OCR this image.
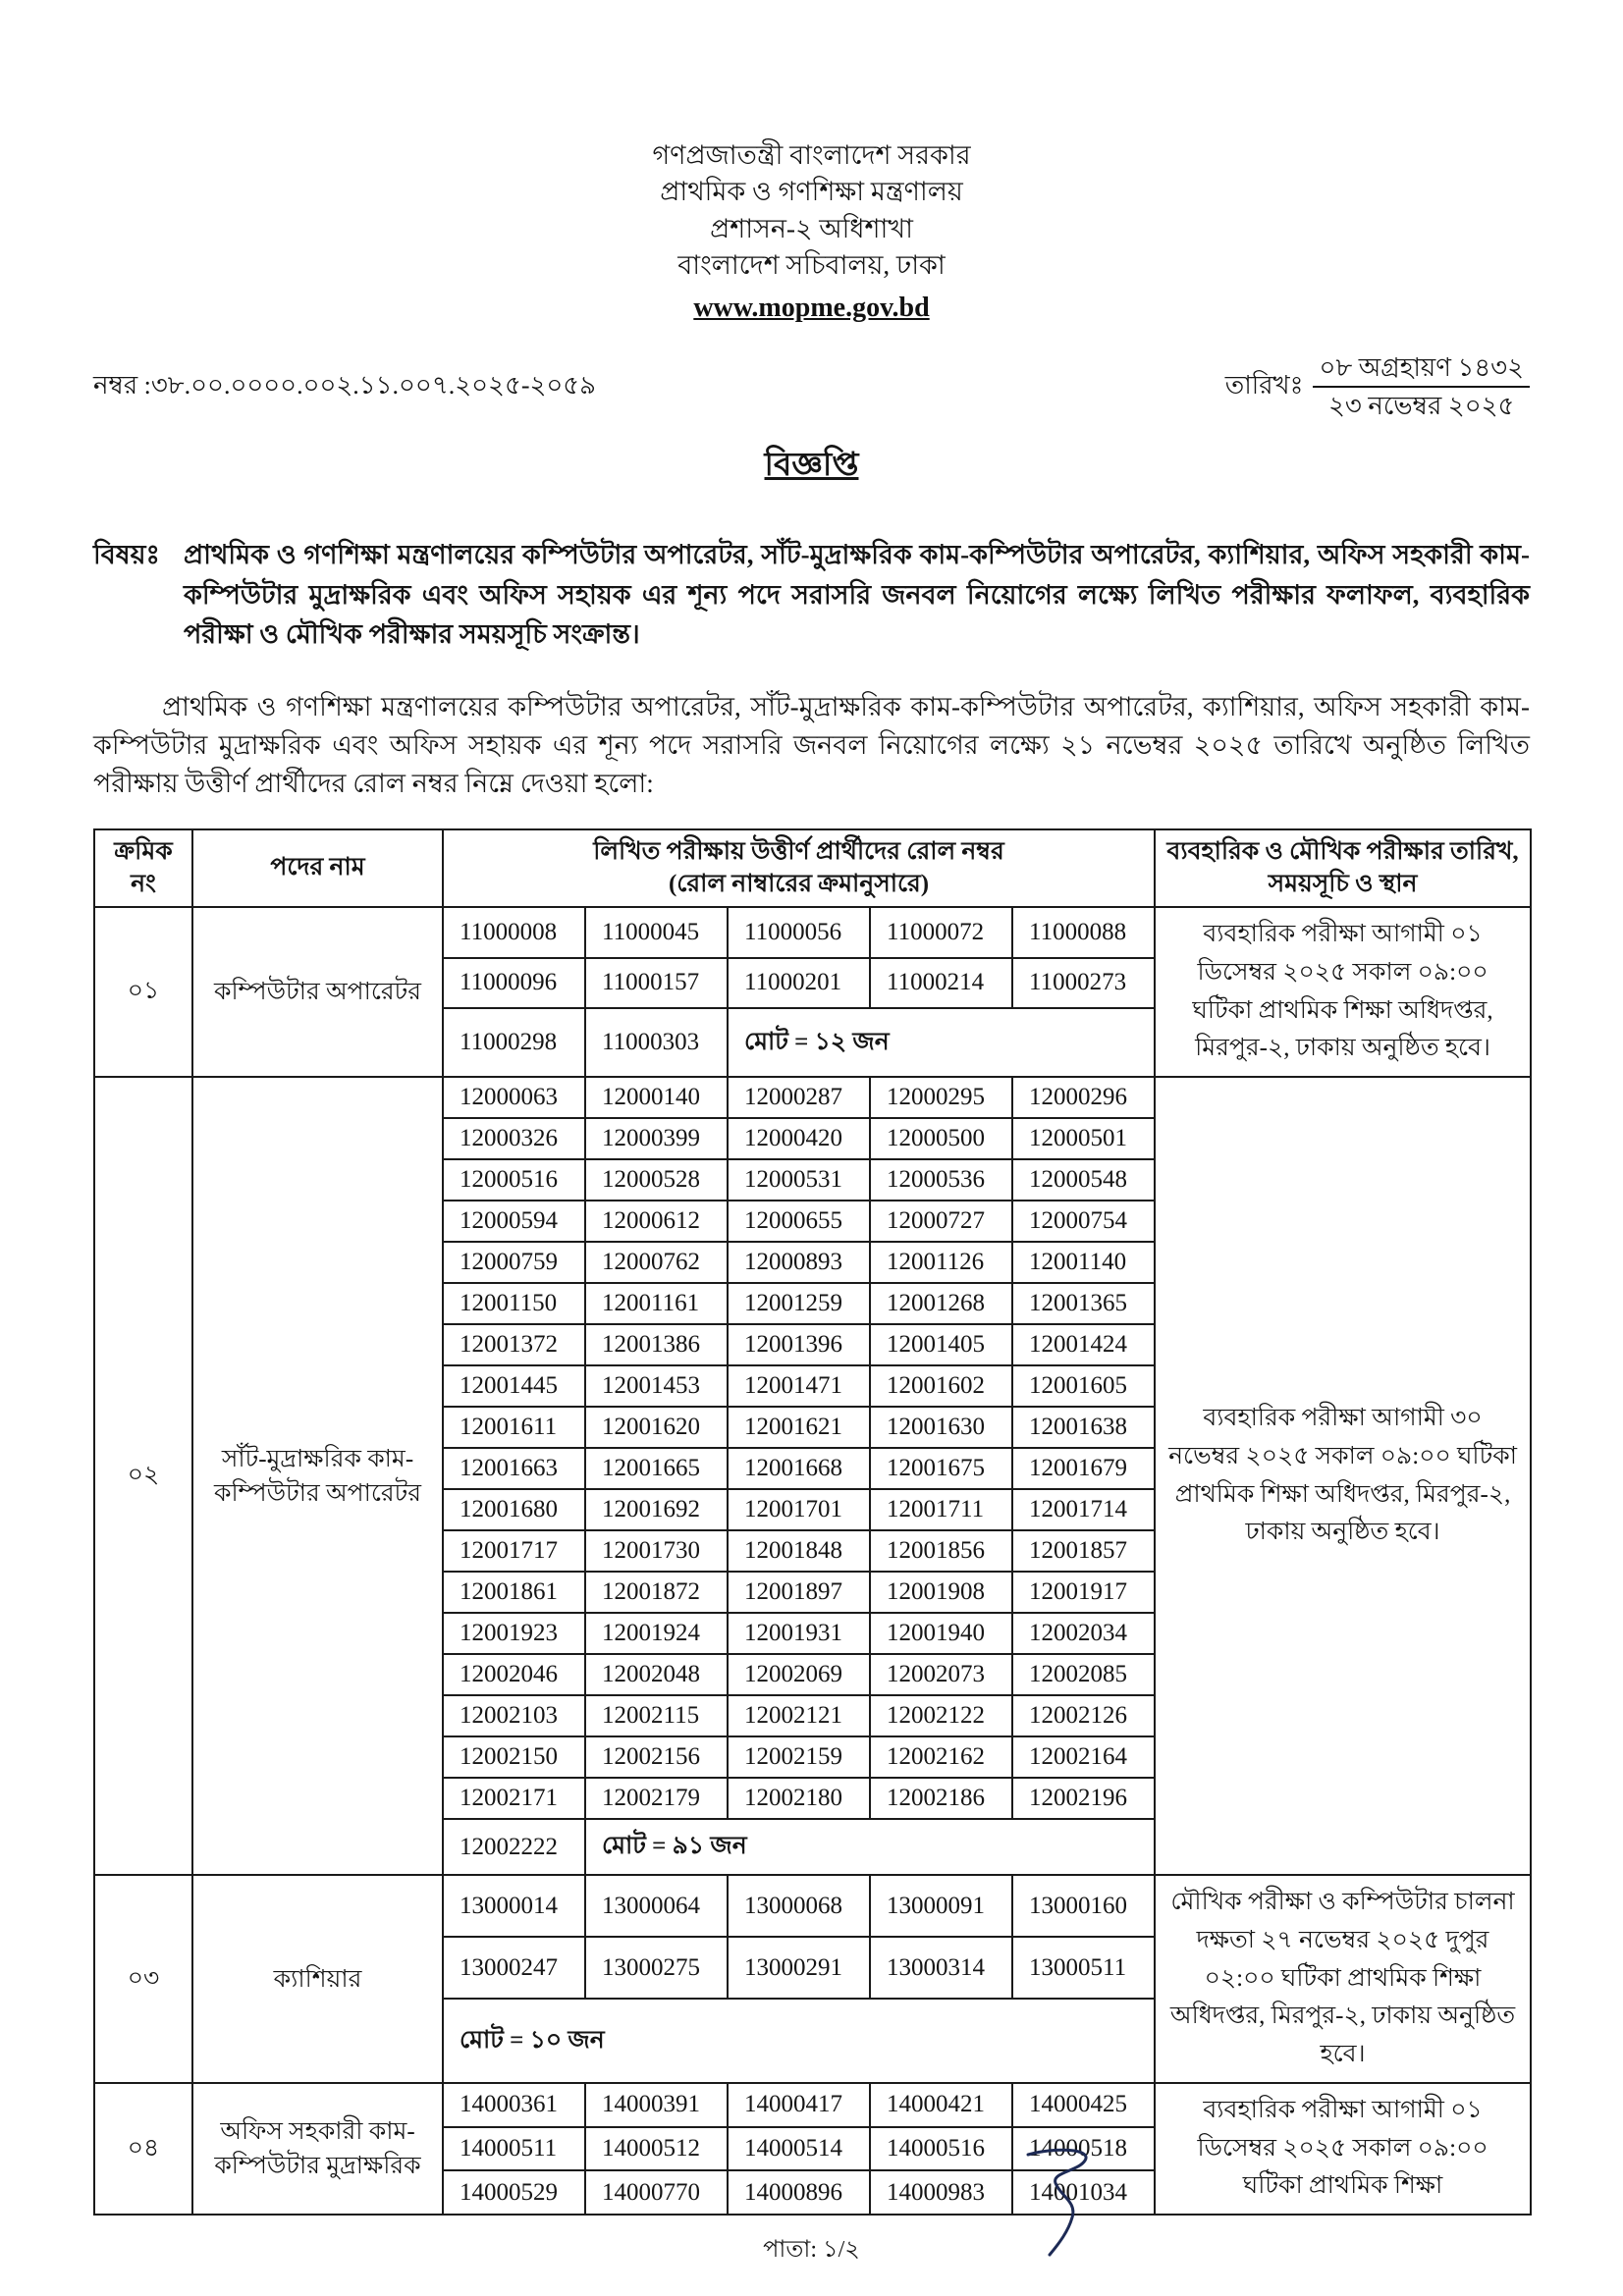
গণপ্রজাতন্ত্রী বাংলাদেশ সরকার
প্রাথমিক ও গণশিক্ষা মন্ত্রণালয়
প্রশাসন-২ অধিশাখা
বাংলাদেশ সচিবালয়, ঢাকা
www.mopme.gov.bd
নম্বর :৩৮.০০.০০০০.০০২.১১.০০৭.২০২৫-২০৫৯	তারিখঃ
০৮ অগ্রহায়ণ ১৪৩২
২৩ নভেম্বর ২০২৫
বিজ্ঞপ্তি
বিষয়ঃ প্রাথমিক ও গণশিক্ষা মন্ত্রণালয়ের কম্পিউটার অপারেটর, সাঁট-মুদ্রাক্ষরিক কাম-কম্পিউটার অপারেটর, ক্যাশিয়ার, অফিস সহকারী কাম-কম্পিউটার মুদ্রাক্ষরিক এবং অফিস সহায়ক এর শূন্য পদে সরাসরি জনবল নিয়োগের লক্ষ্যে লিখিত পরীক্ষার ফলাফল, ব্যবহারিক পরীক্ষা ও মৌখিক পরীক্ষার সময়সূচি সংক্রান্ত।

প্রাথমিক ও গণশিক্ষা মন্ত্রণালয়ের কম্পিউটার অপারেটর, সাঁট-মুদ্রাক্ষরিক কাম-কম্পিউটার অপারেটর, ক্যাশিয়ার, অফিস সহকারী কাম-কম্পিউটার মুদ্রাক্ষরিক এবং অফিস সহায়ক এর শূন্য পদে সরাসরি জনবল নিয়োগের লক্ষ্যে ২১ নভেম্বর ২০২৫ তারিখে অনুষ্ঠিত লিখিত পরীক্ষায় উত্তীর্ণ প্রার্থীদের রোল নম্বর নিম্নে দেওয়া হলো:

ক্রমিক নং	পদের নাম	লিখিত পরীক্ষায় উত্তীর্ণ প্রার্থীদের রোল নম্বর
(রোল নাম্বারের ক্রমানুসারে)					ব্যবহারিক ও মৌখিক পরীক্ষার তারিখ, সময়সূচি ও স্থান
০১	কম্পিউটার অপারেটর	11000008	11000045	11000056	11000072	11000088	ব্যবহারিক পরীক্ষা আগামী ০১ ডিসেম্বর ২০২৫ সকাল ০৯:০০ ঘটিকা প্রাথমিক শিক্ষা অধিদপ্তর, মিরপুর-২, ঢাকায় অনুষ্ঠিত হবে।
		11000096	11000157	11000201	11000214	11000273	
		11000298	11000303	মোট = ১২ জন			
০২	সাঁট-মুদ্রাক্ষরিক কাম-কম্পিউটার অপারেটর	12000063	12000140	12000287	12000295	12000296	ব্যবহারিক পরীক্ষা আগামী ৩০ নভেম্বর ২০২৫ সকাল ০৯:০০ ঘটিকা প্রাথমিক শিক্ষা অধিদপ্তর, মিরপুর-২, ঢাকায় অনুষ্ঠিত হবে।
		12000326	12000399	12000420	12000500	12000501	
		12000516	12000528	12000531	12000536	12000548	
		12000594	12000612	12000655	12000727	12000754	
		12000759	12000762	12000893	12001126	12001140	
		12001150	12001161	12001259	12001268	12001365	
		12001372	12001386	12001396	12001405	12001424	
		12001445	12001453	12001471	12001602	12001605	
		12001611	12001620	12001621	12001630	12001638	
		12001663	12001665	12001668	12001675	12001679	
		12001680	12001692	12001701	12001711	12001714	
		12001717	12001730	12001848	12001856	12001857	
		12001861	12001872	12001897	12001908	12001917	
		12001923	12001924	12001931	12001940	12002034	
		12002046	12002048	12002069	12002073	12002085	
		12002103	12002115	12002121	12002122	12002126	
		12002150	12002156	12002159	12002162	12002164	
		12002171	12002179	12002180	12002186	12002196	
		12002222	মোট = ৯১ জন				
০৩	ক্যাশিয়ার	13000014	13000064	13000068	13000091	13000160	মৌখিক পরীক্ষা ও কম্পিউটার চালনা দক্ষতা ২৭ নভেম্বর ২০২৫ দুপুর ০২:০০ ঘটিকা প্রাথমিক শিক্ষা অধিদপ্তর, মিরপুর-২, ঢাকায় অনুষ্ঠিত হবে।
		13000247	13000275	13000291	13000314	13000511	
		মোট = ১০ জন					
০৪	অফিস সহকারী কাম-কম্পিউটার মুদ্রাক্ষরিক	14000361	14000391	14000417	14000421	14000425	ব্যবহারিক পরীক্ষা আগামী ০১ ডিসেম্বর ২০২৫ সকাল ০৯:০০ ঘটিকা প্রাথমিক শিক্ষা
		14000511	14000512	14000514	14000516	14000518	
		14000529	14000770	14000896	14000983	14001034	
পাতা: ১/২
